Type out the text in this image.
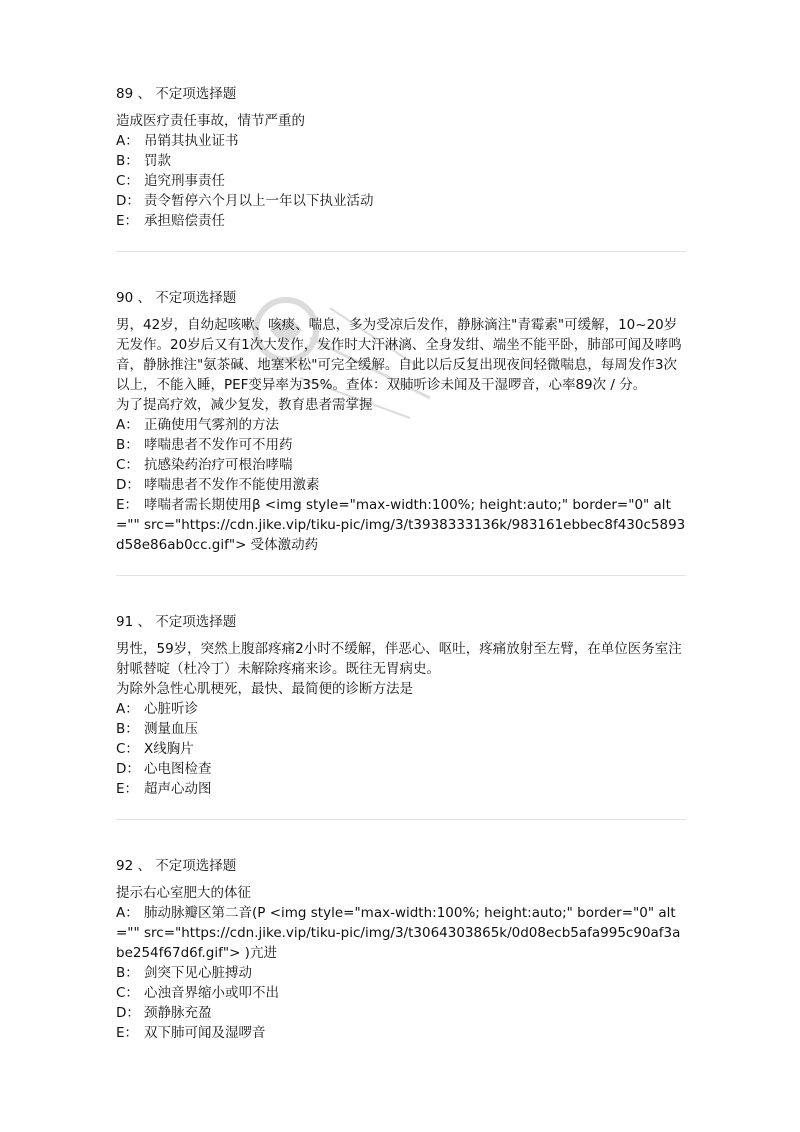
89 、 不定项选择题
造成医疗责任事故，情节严重的
A： 吊销其执业证书
B： 罚款
C： 追究刑事责任
D： 责令暂停六个月以上一年以下执业活动
E： 承担赔偿责任
90 、 不定项选择题
男，42岁，自幼起咳嗽、咳痰、喘息，多为受凉后发作，静脉滴注"青霉素"可缓解，10~20岁无发作。20岁后又有1次大发作，发作时大汗淋漓、全身发绀、端坐不能平卧，肺部可闻及哮鸣音，静脉推注"氨茶碱、地塞米松"可完全缓解。自此以后反复出现夜间轻微喘息，每周发作3次以上，不能入睡，PEF变异率为35%。查体：双肺听诊未闻及干湿啰音，心率89次 / 分。
为了提高疗效，减少复发，教育患者需掌握
A： 正确使用气雾剂的方法
B： 哮喘患者不发作可不用药
C： 抗感染药治疗可根治哮喘
D： 哮喘患者不发作不能使用激素
E： 哮喘者需长期使用β <img style="max-width:100%; height:auto;" border="0" alt="" src="https://cdn.jike.vip/tiku-pic/img/3/t3938333136k/983161ebbec8f430c5893d58e86ab0cc.gif"> 受体激动药
91 、 不定项选择题
男性，59岁，突然上腹部疼痛2小时不缓解，伴恶心、呕吐，疼痛放射至左臂，在单位医务室注射哌替啶（杜冷丁）未解除疼痛来诊。既往无胃病史。
为除外急性心肌梗死，最快、最简便的诊断方法是
A： 心脏听诊
B： 测量血压
C： X线胸片
D： 心电图检查
E： 超声心动图
92 、 不定项选择题
提示右心室肥大的体征
A： 肺动脉瓣区第二音(P <img style="max-width:100%; height:auto;" border="0" alt="" src="https://cdn.jike.vip/tiku-pic/img/3/t3064303865k/0d08ecb5afa995c90af3abe254f67d6f.gif"> )亢进
B： 剑突下见心脏搏动
C： 心浊音界缩小或叩不出
D： 颈静脉充盈
E： 双下肺可闻及湿啰音
